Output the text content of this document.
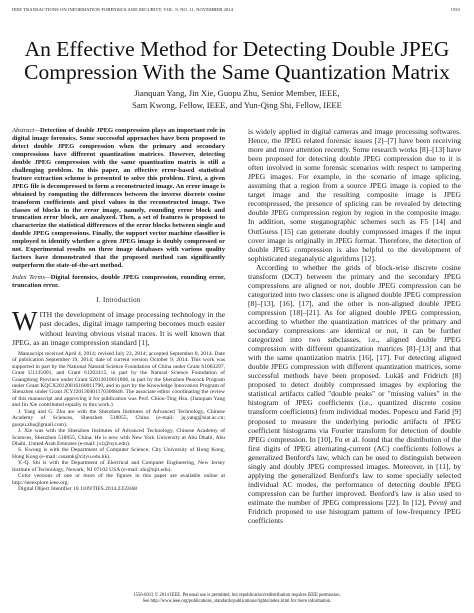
IEEE TRANSACTIONS ON INFORMATION FORENSICS AND SECURITY, VOL. 9, NO. 11, NOVEMBER 2014	1933
An Effective Method for Detecting Double JPEG
Compression With the Same Quantization Matrix
Jianquan Yang, Jin Xie, Guopu Zhu, Senior Member, IEEE,
Sam Kwong, Fellow, IEEE, and Yun-Qing Shi, Fellow, IEEE

Abstract—Detection of double JPEG compression plays an important role in digital image forensics. Some successful approaches have been proposed to detect double JPEG compression when the primary and secondary compressions have different quantization matrices. However, detecting double JPEG compression with the same quantization matrix is still a challenging problem. In this paper, an effective error-based statistical feature extraction scheme is presented to solve this problem. First, a given JPEG file is decompressed to form a reconstructed image. An error image is obtained by computing the differences between the inverse discrete cosine transform coefficients and pixel values in the reconstructed image. Two classes of blocks in the error image, namely, rounding error block and truncation error block, are analyzed. Then, a set of features is proposed to characterize the statistical differences of the error blocks between single and double JPEG compressions. Finally, the support vector machine classifier is employed to identify whether a given JPEG image is doubly compressed or not. Experimental results on three image databases with various quality factors have demonstrated that the proposed method can significantly outperform the state-of-the-art method.

Index Terms—Digital forensics, double JPEG compression, rounding error, truncation error.

I. Introduction

WITH the development of image processing technology in the past decades, digital image tampering becomes much easier without leaving obvious visual traces. It is well known that JPEG, as an image compression standard [1],

Manuscript received April 4, 2014; revised July 23, 2014; accepted September 8, 2014. Date of publication September 19, 2014; date of current version October 9, 2014. This work was supported in part by the National Natural Science Foundation of China under Grant 61003297, Grant U1135001, and Grant 61202415, in part by the Natural Science Foundation of Guangdong Province under Grant S2013010011806, in part by the Shenzhen Peacock Program under Grant KQCX20120816160011790, and in part by the Knowledge Innovation Program of Shenzhen under Grant JCYJ20130401170306848. The associate editor coordinating the review of this manuscript and approving it for publication was Prof. Chiou-Ting Hsu. (Jianquan Yang and Jin Xie contributed equally to this work.)

J. Yang and G. Zhu are with the Shenzhen Institutes of Advanced Technology, Chinese Academy of Sciences, Shenzhen 518055, China (e-mail: jq.yang@siat.ac.cn; guopu.zhu@gmail.com).

J. Xie was with the Shenzhen Institutes of Advanced Technology, Chinese Academy of Sciences, Shenzhen 518055, China. He is now with New York University at Abu Dhabi, Abu Dhabi, United Arab Emirates (e-mail: jx1@nyu.edu).

S. Kwong is with the Department of Computer Science, City University of Hong Kong, Hong Kong (e-mail: cssamk@cityu.edu.hk).

Y.-Q. Shi is with the Department of Electrical and Computer Engineering, New Jersey Institute of Technology, Newark, NJ 07102 USA (e-mail: shi@njit.edu).

Color versions of one or more of the figures in this paper are available online at http://ieeexplore.ieee.org.

Digital Object Identifier 10.1109/TIFS.2014.2359368

is widely applied in digital cameras and image processing softwares. Hence, the JPEG related forensic issues [2]–[7] have been receiving more and more attention recently. Some research works [8]–[13] have been proposed for detecting double JPEG compression due to it is often involved in some forensic scenarios with respect to tampering JPEG images. For example, in the scenario of image splicing, assuming that a region from a source JPEG image is copied to the target image and the resulting composite image is JPEG recompressed, the presence of splicing can be revealed by detecting double JPEG compression region by region in the composite image. In addition, some steganographic schemes such as F5 [14] and OutGuess [15] can generate doubly compressed images if the input cover image is originally in JPEG format. Therefore, the detection of double JPEG compression is also helpful to the development of sophisticated steganalytic algorithms [12].

According to whether the grids of block-wise discrete cosine transform (DCT) between the primary and the secondary JPEG compressions are aligned or not, double JPEG compression can be categorized into two classes: one is aligned double JPEG compression [8]–[13], [16], [17], and the other is non-aligned double JPEG compression [18]–[21]. As for aligned double JPEG compression, according to whether the quantization matrices of the primary and secondary compressions are identical or not, it can be further categorized into two subclasses, i.e., aligned double JPEG compression with different quantization matrices [8]–[13] and that with the same quantization matrix [16], [17]. For detecting aligned double JPEG compression with different quantization matrices, some successful methods have been proposed. Lukáš and Fridrich [8] proposed to detect doubly compressed images by exploring the statistical artifacts called "double peaks" or "missing values" in the histogram of JPEG coefficients (i.e., quantized discrete cosine transform coefficients) from individual modes. Popescu and Farid [9] proposed to measure the underlying periodic artifacts of JPEG coefficient histograms via Fourier transform for detection of double JPEG compression. In [10], Fu et al. found that the distribution of the first digits of JPEG alternating-current (AC) coefficients follows a generalized Benford's law, which can be used to distinguish between singly and doubly JPEG compressed images. Moreover, in [11], by applying the generalized Benford's law to some specially selected individual AC modes, the performance of detecting double JPEG compression can be further improved. Benford's law is also used to estimate the number of JPEG compressions [22]. In [12], Pevný and Fridrich proposed to use histogram pattern of low-frequency JPEG coefficients

1556-6013 © 2014 IEEE. Personal use is permitted, but republication/redistribution requires IEEE permission.
See http://www.ieee.org/publications_standards/publications/rights/index.html for more information.
